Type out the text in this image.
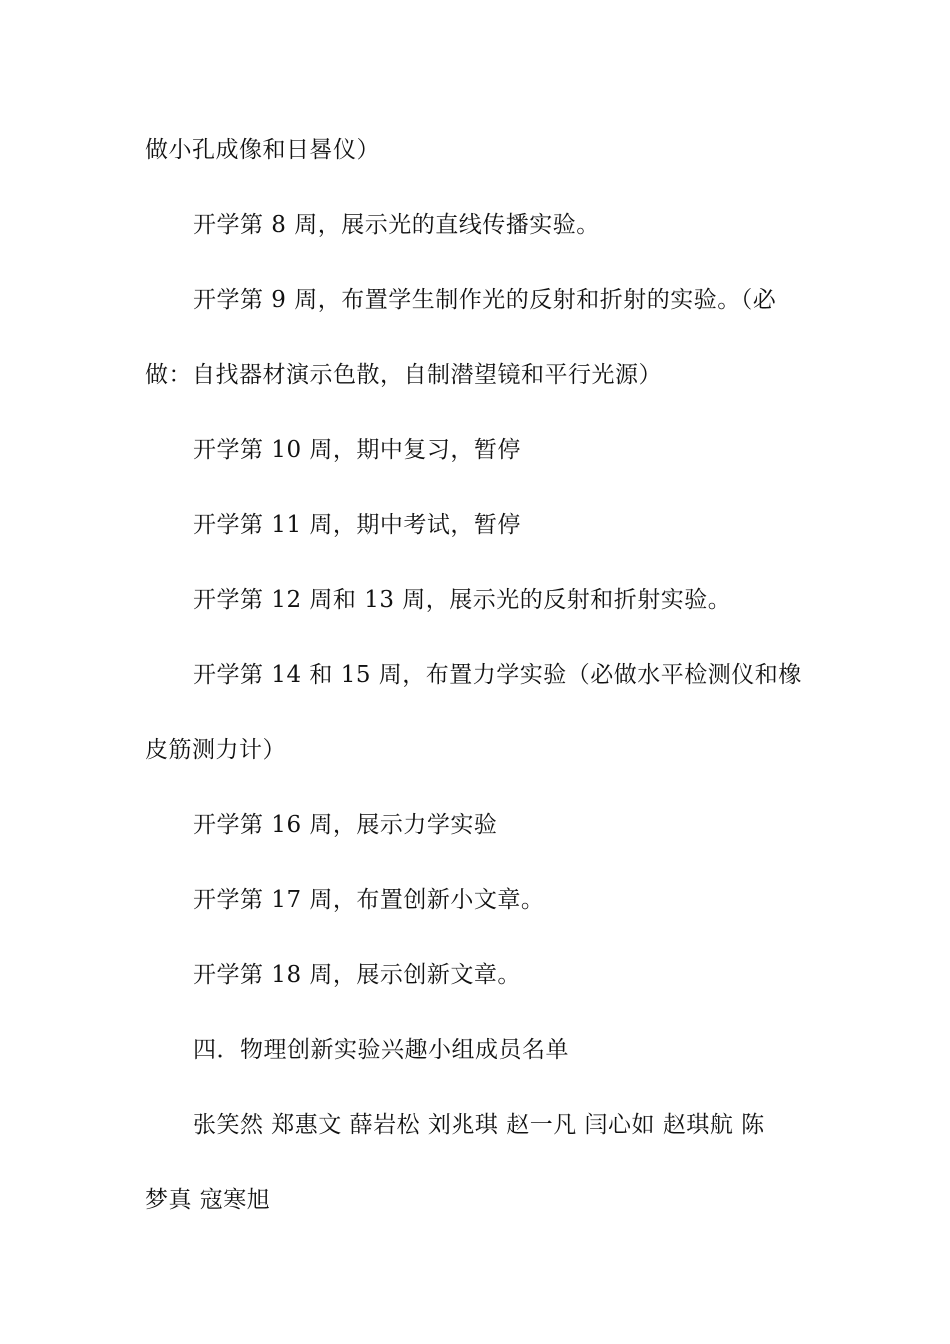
做小孔成像和日晷仪）
开学第 8 周，展示光的直线传播实验。
开学第 9 周，布置学生制作光的反射和折射的实验。（必
做：自找器材演示色散，自制潜望镜和平行光源）
开学第 10 周，期中复习，暂停
开学第 11 周，期中考试，暂停
开学第 12 周和 13 周，展示光的反射和折射实验。
开学第 14 和 15 周，布置力学实验（必做水平检测仪和橡
皮筋测力计）
开学第 16 周，展示力学实验
开学第 17 周，布置创新小文章。
开学第 18 周，展示创新文章。
四．物理创新实验兴趣小组成员名单
张笑然 郑惠文 薛岩松 刘兆琪 赵一凡 闫心如 赵琪航 陈
梦真 寇寒旭
